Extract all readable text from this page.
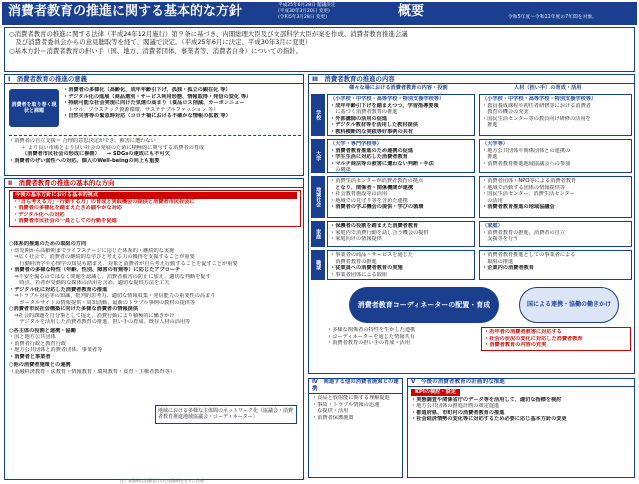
消費者教育の推進に関する基本的な方針	平成25年6月28日 閣議決定
(平成30年3月20日 変更)
(令和5年3月28日 変更)	概要	令和5年度～令和11年度の7年間を対象。
○消費者教育の推進に関する法律（平成24年12月施行）第９条に基づき、内閣総理大臣及び文部科学大臣が案を作成、消費者教育推進会議
　及び消費者委員会からの意見聴取等を経て、閣議で決定。（平成25年6月に決定、平成30年3月に変更）
○基本方針＝消費者教育の担い手（国、地方、消費者団体、事業者等、消費者自身）についての指針。
Ⅰ　消費者教育の推進の意義
消費者を取り巻く現状と課題
・消費者の多様化（高齢化、成年年齢引下げ、孤独・孤立の顕在化 等）
・デジタル化の進展（商品選別・サービス利用形態、情報取得・発信の変化 等）
・持続可能な社会実現に向けた気運の高まり（食品ロス削減、カーボンニュー
　トラル、プラスチック資源循環、サステナブルファッション 等）
・自然災害等の緊急時対応（コロナ禍における不確かな情報の拡散 等）
・消費者の自立支援＝ 合理的意思決定ができ、被害に遭わない
　　 ＋ より良い市場とより良い社会の発展のために積極的に関与する消費者の育成
　　　（消費者市民社会の形成に参画） 　→ SDGsの達成にも不可欠
・消費者のぜい弱性への対応、個人のWell-beingの向上も重要
Ⅱ　消費者教育の推進の基本的な方向
今後の基本方針における基本的視点
・「自ら考える力」「行動する力」の育成と実践機会の提供と消費者市民社会に
・消費者の多様化を踏まえたきめ細やかな対応
・デジタル化への対応
・消費者市民社会の一員としての行動を促進
○体系的推進のための取組の方向
・幼児期から高齢期までライフステージに応じた体系的・継続的な実施
　⇒広く社会で、消費者の継続的な学びと考える力の獲得を支援することが重要
　　行動経済学や心理学の知見も踏まえ、対象と消費者が自ら考え行動することを促すことが重要
・消費者の多様な特性（年齢、性別、障害の有無等）に応じたアプローチ
　⇒不安を煽るのではなく問題を認識し、消費者被害の防止に加え、適切な判断を促す
　　時点、若者が受動的な媒体の活用を含め、適切な提供方法を工夫
・デジタル化に対応した消費者教育の推進
　⇒トラブル対応等の知識、批判的思考力、適切な情報収集・発信能力の重要性の高まり
　　ポータルサイトの情報提供・周知活動、最新のトラブル事例の教材の提供等
○消費者市民社会構築に向けた多様な消費者の情報提供
　⇒社会的課題を自分事として捉え、消費行動により積極的に働きかけ
　　デジタルを活用した消費者教育の推進、担い手の育成、既存人材の活用等
○各主体の役割と連携・協働
・国と地方公共団体
・消費者行政と教育行政
・地方公共団体と消費者団体、事業者等
・消費者と事業者
○他の消費者施策との連携
（金融経済教育・法教育・情報教育・環境教育・食育・主権者教育等）
地域における多様な主体間のネットワーク化（協議会・消費者教育推進地域協議会・コーディネーター）
Ⅲ　消費者教育の推進の内容
様々な場における消費者教育の内容・役割	人材（担い手）の育成・活用
学校
（小学校・中学校・高等学校・特別支援学校等）
・成年年齢引下げを踏まえつつ、学習指導要領
　に基づく消費者教育の推進
・外部講師の活用の促進
・デジタル教材等を活用した教材提供
・教科横断的な実践等好事例の共有
（小学校・中学校・高等学校・特別支援学校等）
・教員養成課程や初任者研修等における消費者
　教育の機会の充実
・国民生活センター等の教員向け研修の活用を
　推進
大学
（大学・専門学校等）
・消費者教育推進のため連携の促進
・学生生活に対応した消費者教育
・マルチ商法等の被害に遭わない判断・手法
　の構築
（大学等）
・地方公共団体や関係団体との連携の
　推進
・消費者教育推進地域協議会への参加
地域社会
・消費生活センターが消費者教育の拠点
　となり、関係者・関係機関が連携
・社会教育施設等の活用
・地域での見守り等を含めた連携
・消費者の学ぶ機会の提供・学びの循環
・消費者団体・NPO等による消費者教育
・地域で活動する団体の情報提供等
・国民生活センター、消費生活センター
　の活用
・消費者教育推進の地域協議会
家庭
・保護者の役割を踏まえた消費者教育
・家庭内で消費行動を話し合う機会の提供
・家庭向けの情報提供
（家庭）
・消費者教育の推進、消費者の自立
　支援等を行う
職域
・事業者の商品・サービスを通じた
　消費者教育の推進
・従業員への消費者教育の実施
・事業者団体による取組
・消費者教育推進としての事業者による
　取組の推進
・企業内の消費者教育
消費者教育コーディネーターの配置・育成	国による連携・協働の働きかけ
・多様な関係者の特性を生かした連携
・コーディネーターを通じた情報共有
・消費者教育の担い手の育成・活用
・若年者の消費者被害に対応する
・社会の状況の変化に対応した消費者教育
・消費者教育の内容の充実
Ⅳ　関連する他の消費者施策との連携
・食品と放射能に関する理解促進
・事故・トラブル情報の迅速
　な提供・活用
・消費者保護施策
Ⅴ　今後の消費者教育の計画的な推進
KPIの検討・設定
・実態調査や関係省庁のデータ等を活用して、適切な指標を検討
・地方公共団体の推進計画の策定促進
・都道府県、市町村の消費者教育の推進
・社会経済情勢の変化等に対応するため必要に応じ基本方針の変更
注）本資料は消費者庁の公表資料をもとに作成
